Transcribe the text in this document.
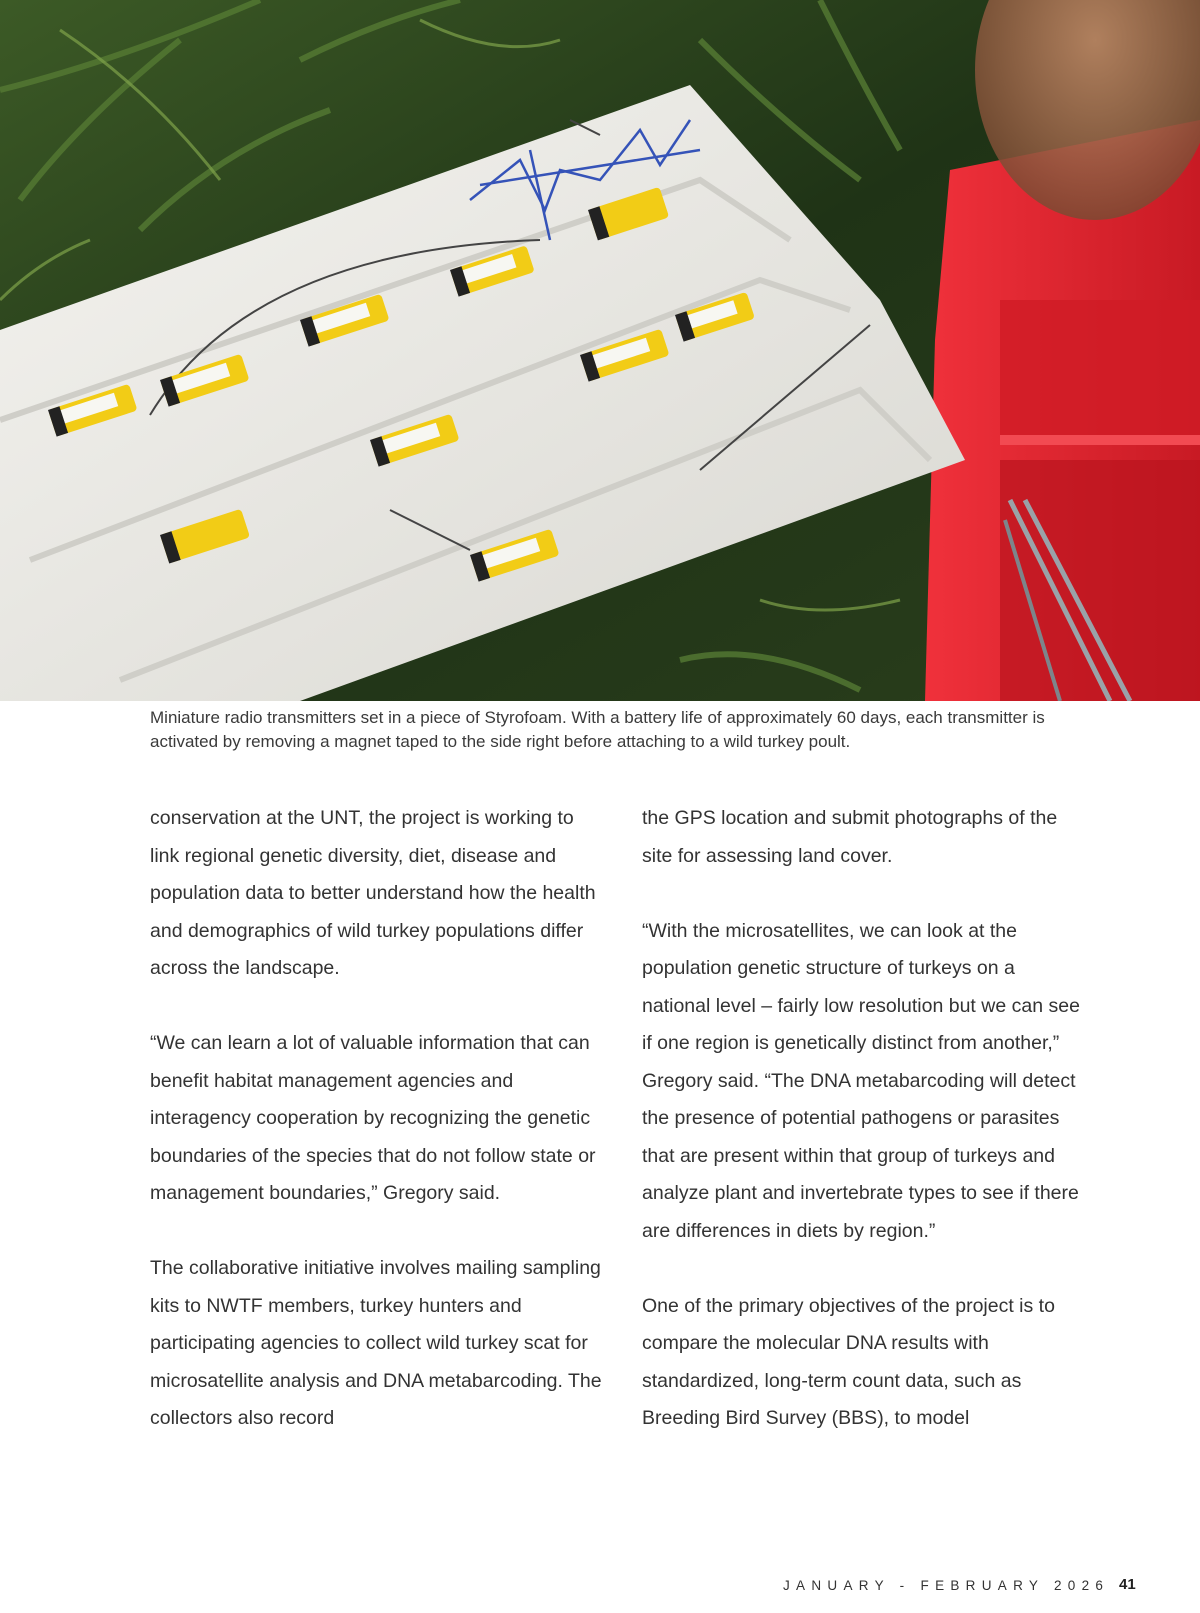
Miniature radio transmitters set in a piece of Styrofoam. With a battery life of approximately 60 days, each transmitter is activated by removing a magnet taped to the side right before attaching to a wild turkey poult.

conservation at the UNT, the project is working to link regional genetic diversity, diet, disease and population data to better understand how the health and demographics of wild turkey populations differ across the landscape.

“We can learn a lot of valuable information that can benefit habitat management agencies and interagency cooperation by recognizing the genetic boundaries of the species that do not follow state or management boundaries,” Gregory said.

The collaborative initiative involves mailing sampling kits to NWTF members, turkey hunters and participating agencies to collect wild turkey scat for microsatellite analysis and DNA metabarcoding. The collectors also record

the GPS location and submit photographs of the site for assessing land cover.

“With the microsatellites, we can look at the population genetic structure of turkeys on a national level – fairly low resolution but we can see if one region is genetically distinct from another,” Gregory said. “The DNA metabarcoding will detect the presence of potential pathogens or parasites that are present within that group of turkeys and analyze plant and invertebrate types to see if there are differences in diets by region.”

One of the primary objectives of the project is to compare the molecular DNA results with standardized, long-term count data, such as Breeding Bird Survey (BBS), to model

JANUARY - FEBRUARY 2026 41
